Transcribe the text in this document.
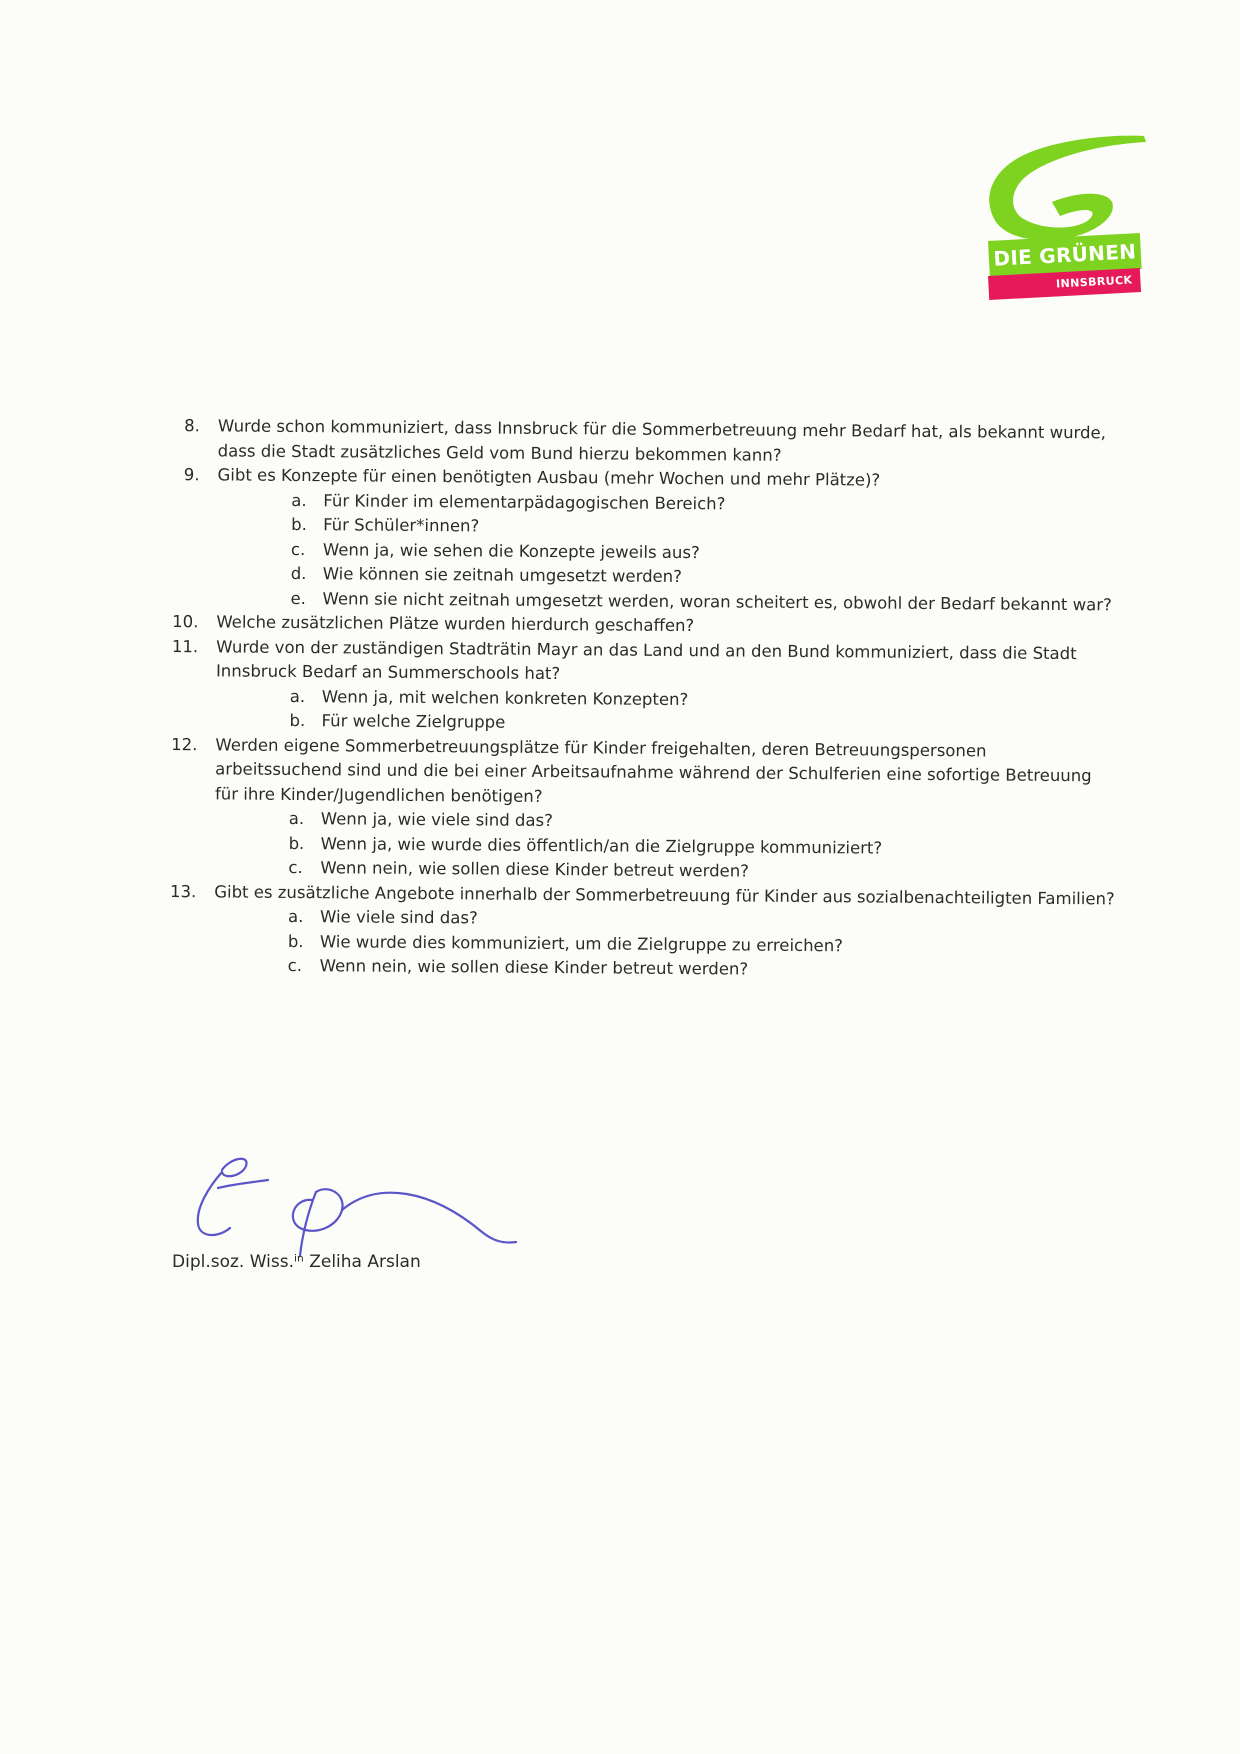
DIE GRÜNEN
INNSBRUCK
8.	Wurde schon kommuniziert, dass Innsbruck für die Sommerbetreuung mehr Bedarf hat, als bekannt wurde, dass die Stadt zusätzliches Geld vom Bund hierzu bekommen kann?
9.	Gibt es Konzepte für einen benötigten Ausbau (mehr Wochen und mehr Plätze)?
a. Für Kinder im elementarpädagogischen Bereich?
b. Für Schüler*innen?
c. Wenn ja, wie sehen die Konzepte jeweils aus?
d. Wie können sie zeitnah umgesetzt werden?
e. Wenn sie nicht zeitnah umgesetzt werden, woran scheitert es, obwohl der Bedarf bekannt war?
10.	Welche zusätzlichen Plätze wurden hierdurch geschaffen?
11.	Wurde von der zuständigen Stadträtin Mayr an das Land und an den Bund kommuniziert, dass die Stadt Innsbruck Bedarf an Summerschools hat?
a. Wenn ja, mit welchen konkreten Konzepten?
b. Für welche Zielgruppe
12.	Werden eigene Sommerbetreuungsplätze für Kinder freigehalten, deren Betreuungspersonen arbeitssuchend sind und die bei einer Arbeitsaufnahme während der Schulferien eine sofortige Betreuung für ihre Kinder/Jugendlichen benötigen?
a. Wenn ja, wie viele sind das?
b. Wenn ja, wie wurde dies öffentlich/an die Zielgruppe kommuniziert?
c. Wenn nein, wie sollen diese Kinder betreut werden?
13.	Gibt es zusätzliche Angebote innerhalb der Sommerbetreuung für Kinder aus sozialbenachteiligten Familien?
a. Wie viele sind das?
b. Wie wurde dies kommuniziert, um die Zielgruppe zu erreichen?
c. Wenn nein, wie sollen diese Kinder betreut werden?
Dipl.soz. Wiss.ⁱⁿ Zeliha Arslan
